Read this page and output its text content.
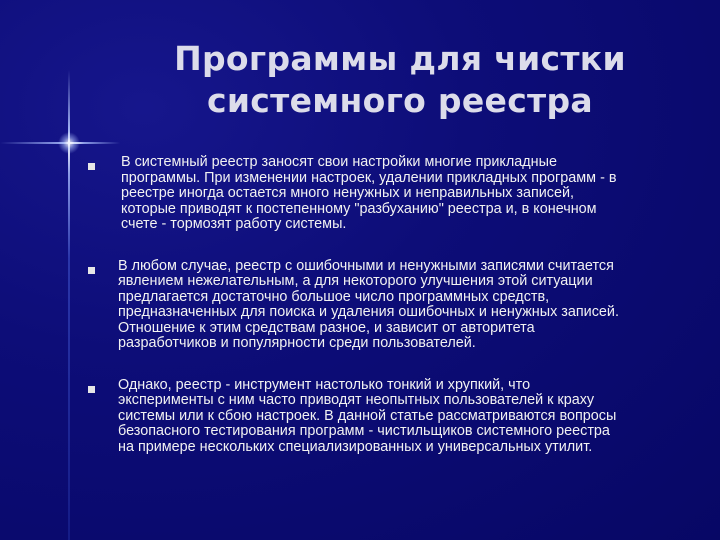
Программы для чистки
системного реестра
В системный реестр заносят свои настройки многие прикладные
программы. При изменении настроек, удалении прикладных программ - в
реестре иногда остается много ненужных и неправильных записей,
которые приводят к постепенному "разбуханию" реестра и, в конечном
счете - тормозят работу системы.
В любом случае, реестр с ошибочными и ненужными записями считается
явлением нежелательным, а для некоторого улучшения этой ситуации
предлагается достаточно большое число программных средств,
предназначенных для поиска и удаления ошибочных и ненужных записей.
Отношение к этим средствам разное, и зависит от авторитета
разработчиков и популярности среди пользователей.
Однако, реестр - инструмент настолько тонкий и хрупкий, что
эксперименты с ним часто приводят неопытных пользователей к краху
системы или к сбою настроек. В данной статье рассматриваются вопросы
безопасного тестирования программ - чистильщиков системного реестра
на примере нескольких специализированных и универсальных утилит.
